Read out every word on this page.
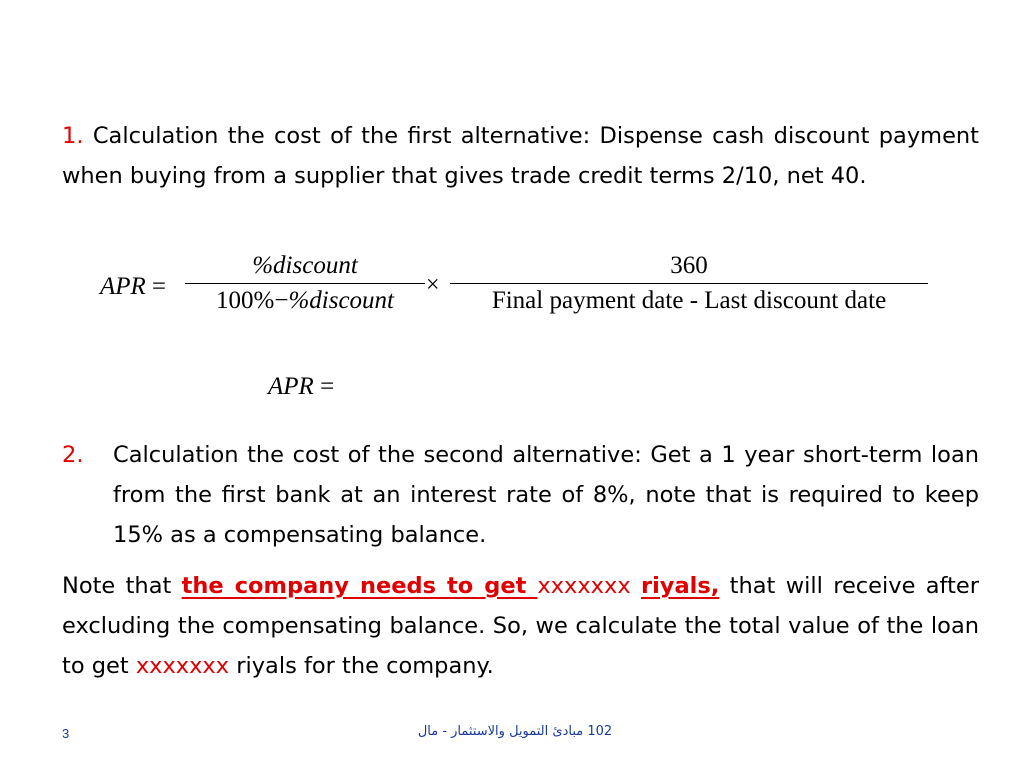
1. Calculation the cost of the first alternative: Dispense cash discount payment when buying from a supplier that gives trade credit terms 2/10, net 40.
APR =
%discount
100%−%discount
×
360
Final payment date - Last discount date
APR =
2. Calculation the cost of the second alternative: Get a 1 year short-term loan from the first bank at an interest rate of 8%, note that is required to keep 15% as a compensating balance.
Note that the company needs to get xxxxxxx riyals, that will receive after excluding the compensating balance. So, we calculate the total value of the loan to get xxxxxxx riyals for the company.
3	102 مبادئ التمويل والاستثمار - مال
